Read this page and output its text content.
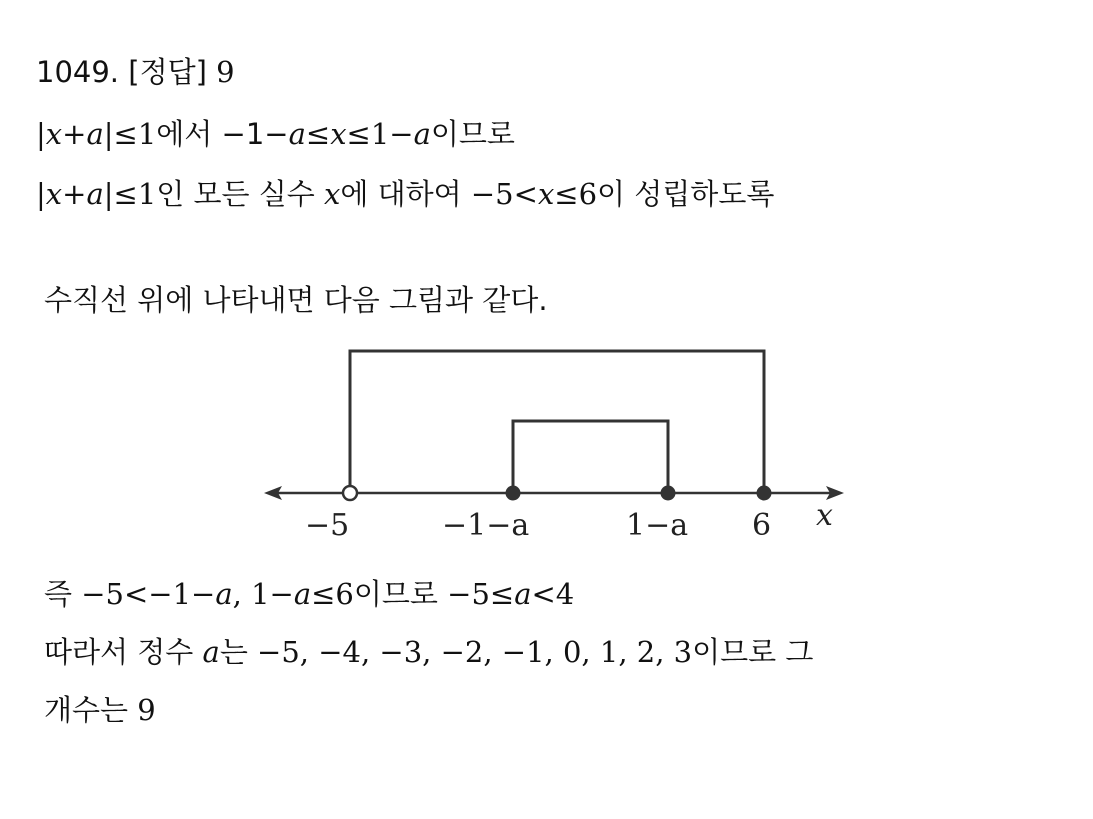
1049. [정답] 9
|x+a|≤1에서 −1−a≤x≤1−a이므로
|x+a|≤1인 모든 실수 x에 대하여 −5<x≤6이 성립하도록
수직선 위에 나타내면 다음 그림과 같다.
−5	−1−a	1−a 6 x
즉 −5<−1−a, 1−a≤6이므로 −5≤a<4
따라서 정수 a는 −5, −4, −3, −2, −1, 0, 1, 2, 3이므로 그
개수는 9
